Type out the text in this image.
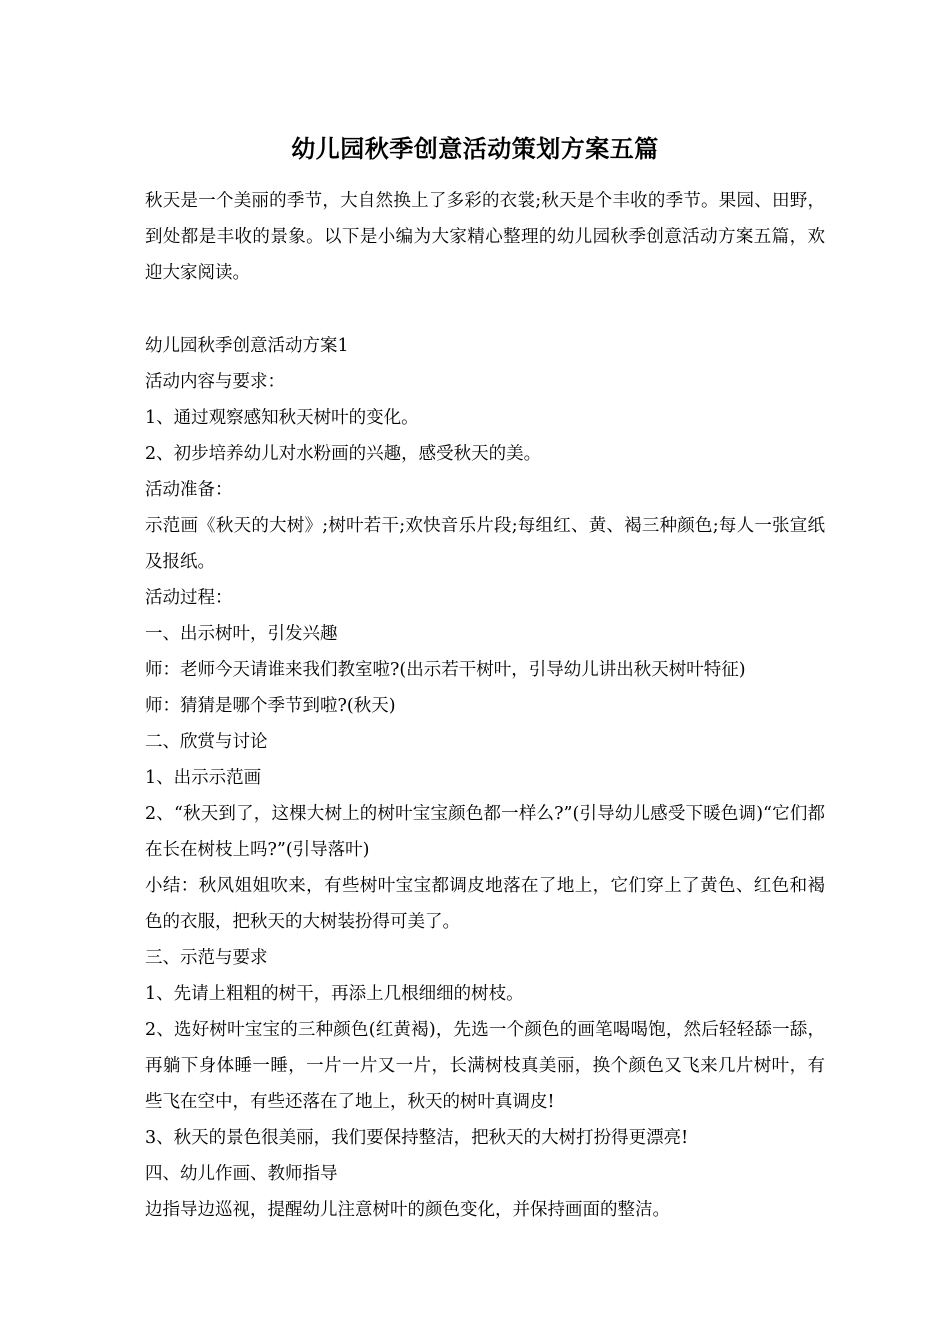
幼儿园秋季创意活动策划方案五篇
秋天是一个美丽的季节，大自然换上了多彩的衣裳;秋天是个丰收的季节。果园、田野，到处都是丰收的景象。以下是小编为大家精心整理的幼儿园秋季创意活动方案五篇，欢迎大家阅读。
幼儿园秋季创意活动方案1
活动内容与要求：
1、通过观察感知秋天树叶的变化。
2、初步培养幼儿对水粉画的兴趣，感受秋天的美。
活动准备：
示范画《秋天的大树》;树叶若干;欢快音乐片段;每组红、黄、褐三种颜色;每人一张宣纸及报纸。
活动过程：
一、出示树叶，引发兴趣
师：老师今天请谁来我们教室啦?(出示若干树叶，引导幼儿讲出秋天树叶特征)
师：猜猜是哪个季节到啦?(秋天)
二、欣赏与讨论
1、出示示范画
2、“秋天到了，这棵大树上的树叶宝宝颜色都一样么?”(引导幼儿感受下暖色调)“它们都在长在树枝上吗?”(引导落叶)
小结：秋风姐姐吹来，有些树叶宝宝都调皮地落在了地上，它们穿上了黄色、红色和褐色的衣服，把秋天的大树装扮得可美了。
三、示范与要求
1、先请上粗粗的树干，再添上几根细细的树枝。
2、选好树叶宝宝的三种颜色(红黄褐)，先选一个颜色的画笔喝喝饱，然后轻轻舔一舔，再躺下身体睡一睡，一片一片又一片，长满树枝真美丽，换个颜色又飞来几片树叶，有些飞在空中，有些还落在了地上，秋天的树叶真调皮!
3、秋天的景色很美丽，我们要保持整洁，把秋天的大树打扮得更漂亮!
四、幼儿作画、教师指导
边指导边巡视，提醒幼儿注意树叶的颜色变化，并保持画面的整洁。
